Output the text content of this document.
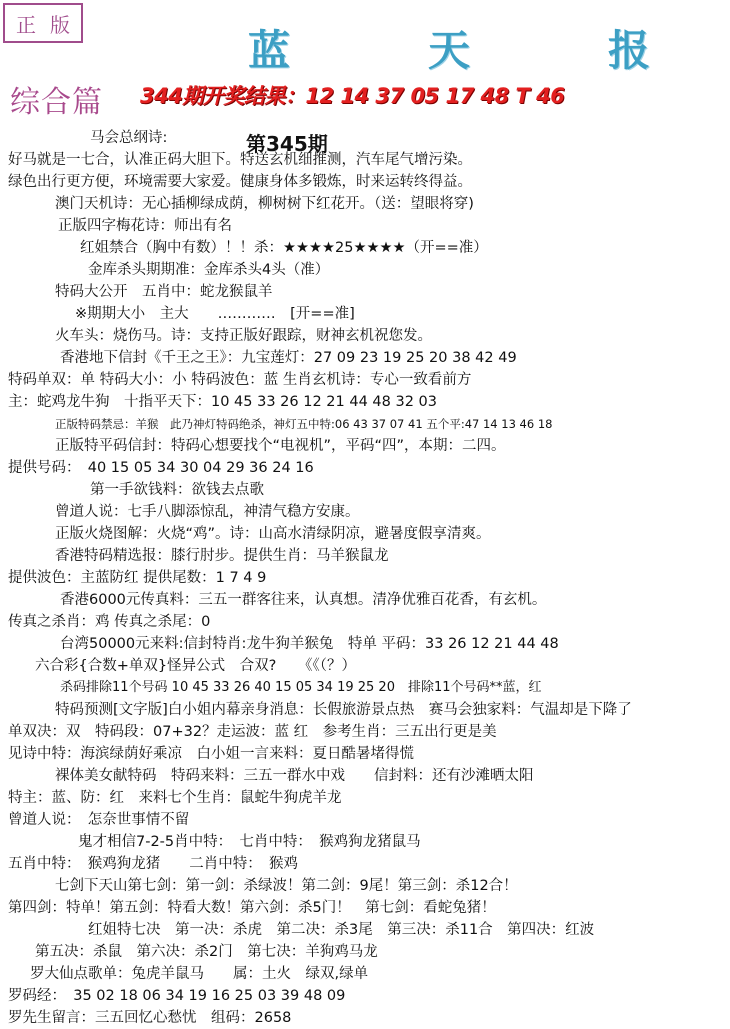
正 版
蓝　天　报
综合篇 344期开奖结果：12 14 37 05 17 48 T 46
第345期
马会总纲诗:
好马就是一七合，认准正码大胆下。特送玄机细推测，汽车尾气增污染。
绿色出行更方便，环境需要大家爱。健康身体多锻炼，时来运转终得益。
澳门天机诗：无心插柳绿成荫，柳树树下红花开。（送：望眼将穿)
正版四字梅花诗：师出有名
红姐禁合（胸中有数）！！杀：★★★★25★★★★（开==准）
金库杀头期期准：金库杀头4头（准）
特码大公开　五肖中：蛇龙猴鼠羊
※期期大小　主大　　…………　[开==准]
火车头：烧伤马。诗：支持正版好跟踪，财神玄机祝您发。
香港地下信封《千王之王》：九宝莲灯：27 09 23 19 25 20 38 42 49
特码单双：单 特码大小：小 特码波色：蓝 生肖玄机诗：专心一致看前方
主：蛇鸡龙牛狗　十指平天下：10 45 33 26 12 21 44 48 32 03
正版特码禁忌：羊猴　此乃神灯特码绝杀，神灯五中特:06 43 37 07 41 五个平:47 14 13 46 18
正版特平码信封：特码心想要找个“电视机”，平码“四”，本期：二四。
提供号码：　40 15 05 34 30 04 29 36 24 16
第一手欲钱料：欲钱去点歌
曾道人说：七手八脚添惊乱，神清气稳方安康。
正版火烧图解：火烧“鸡”。诗：山高水清绿阴凉，避暑度假享清爽。
香港特码精选报：膝行肘步。提供生肖：马羊猴鼠龙
提供波色：主蓝防红 提供尾数：1 7 4 9
香港6000元传真料：三五一群客往来，认真想。清净优雅百花香，有玄机。
传真之杀肖：鸡 传真之杀尾：0
台湾50000元来料:信封特肖:龙牛狗羊猴兔　特单 平码：33 26 12 21 44 48
六合彩{合数+单双}怪异公式　合双?　　《《（？）
杀码排除11个号码 10 45 33 26 40 15 05 34 19 25 20　排除11个号码**蓝，红
特码预测[文字版]白小姐内幕亲身消息：长假旅游景点热　赛马会独家料：气温却是下降了
单双决：双　特码段：07+32？走运波：蓝 红　参考生肖：三五出行更是美
见诗中特：海滨绿荫好乘凉　白小姐一言来料：夏日酷暑堵得慌
裸体美女献特码　特码来料：三五一群水中戏　　信封料：还有沙滩晒太阳
特主：蓝、防：红　来料七个生肖：鼠蛇牛狗虎羊龙
曾道人说：　怎奈世事情不留
鬼才相信7-2-5肖中特：　七肖中特：　猴鸡狗龙猪鼠马
五肖中特：　猴鸡狗龙猪　　二肖中特：　猴鸡
七剑下天山第七剑：第一剑：杀绿波！第二剑：9尾！第三剑：杀12合！
第四剑：特单！第五剑：特看大数！第六剑：杀5门！　第七剑：看蛇兔猪！
红姐特七决　第一决：杀虎　第二决：杀3尾　第三决：杀11合　第四决：红波
第五决：杀鼠　第六决：杀2门　第七决：羊狗鸡马龙
罗大仙点歌单：兔虎羊鼠马　　属：土火　绿双,绿单
罗码经：　35 02 18 06 34 19 16 25 03 39 48 09
罗先生留言：三五回忆心愁忧　组码：2658
